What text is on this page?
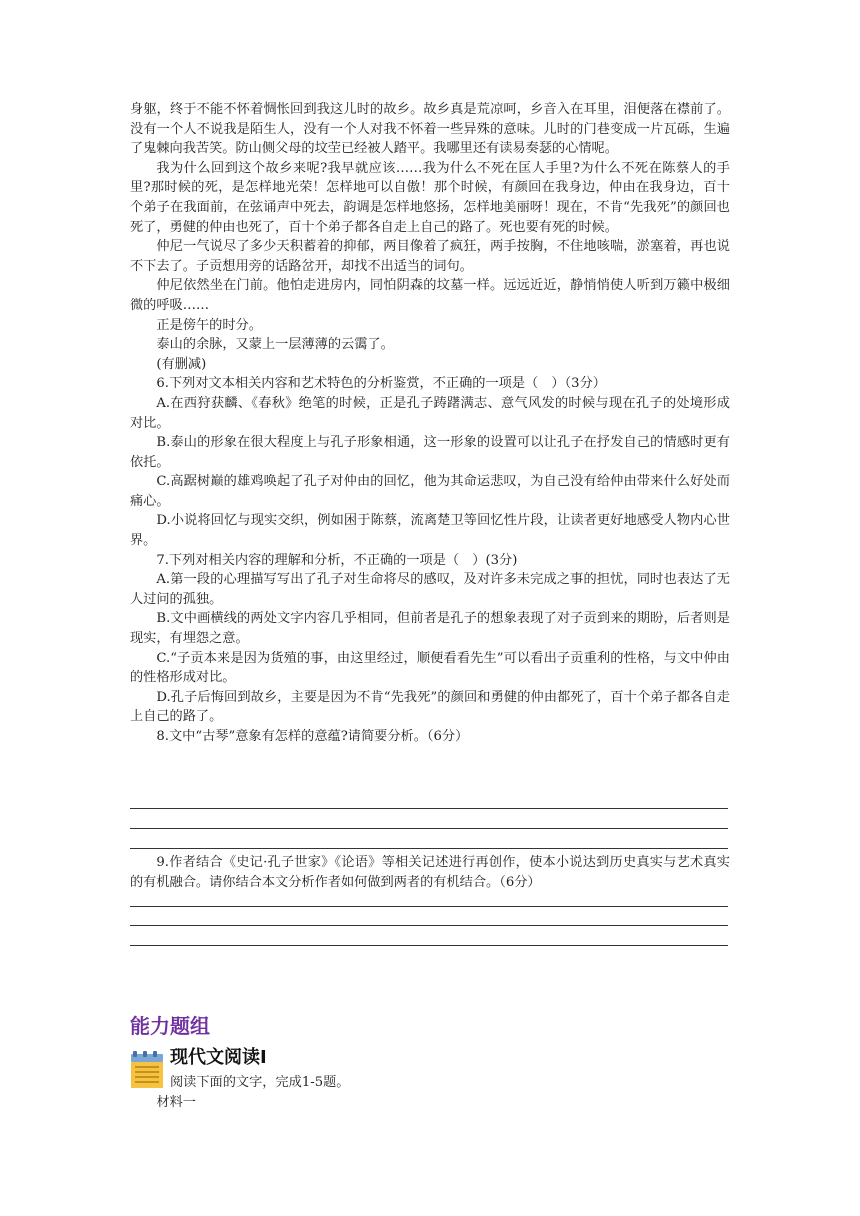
身躯，终于不能不怀着惆怅回到我这儿时的故乡。故乡真是荒凉呵，乡音入在耳里，泪便落在襟前了。没有一个人不说我是陌生人，没有一个人对我不怀着一些异殊的意味。儿时的门巷变成一片瓦砾，生遍了鬼棘向我苦笑。防山侧父母的坟茔已经被人踏平。我哪里还有读易奏瑟的心情呢。

我为什么回到这个故乡来呢?我早就应该……我为什么不死在匡人手里?为什么不死在陈蔡人的手里?那时候的死，是怎样地光荣！怎样地可以自傲！那个时候，有颜回在我身边，仲由在我身边，百十个弟子在我面前，在弦诵声中死去，韵调是怎样地悠扬，怎样地美丽呀！现在，不肯“先我死”的颜回也死了，勇健的仲由也死了，百十个弟子都各自走上自己的路了。死也要有死的时候。

仲尼一气说尽了多少天积蓄着的抑郁，两目像着了疯狂，两手按胸，不住地咳喘，淤塞着，再也说不下去了。子贡想用旁的话路岔开，却找不出适当的词句。

仲尼依然坐在门前。他怕走进房内，同怕阴森的坟墓一样。远远近近，静悄悄使人听到万籁中极细微的呼吸……

正是傍午的时分。

泰山的余脉，又蒙上一层薄薄的云霭了。

(有删减)

6.下列对文本相关内容和艺术特色的分析鉴赏，不正确的一项是（　）（3分）

A.在西狩获麟、《春秋》绝笔的时候，正是孔子踌躇满志、意气风发的时候与现在孔子的处境形成对比。

B.泰山的形象在很大程度上与孔子形象相通，这一形象的设置可以让孔子在抒发自己的情感时更有依托。

C.高踞树巅的雄鸡唤起了孔子对仲由的回忆，他为其命运悲叹，为自己没有给仲由带来什么好处而痛心。

D.小说将回忆与现实交织，例如困于陈蔡，流离楚卫等回忆性片段，让读者更好地感受人物内心世界。

7.下列对相关内容的理解和分析，不正确的一项是（　）(3分)

A.第一段的心理描写写出了孔子对生命将尽的感叹，及对许多未完成之事的担忧，同时也表达了无人过问的孤独。

B.文中画横线的两处文字内容几乎相同，但前者是孔子的想象表现了对子贡到来的期盼，后者则是现实，有埋怨之意。

C.“子贡本来是因为货殖的事，由这里经过，顺便看看先生”可以看出子贡重利的性格，与文中仲由的性格形成对比。

D.孔子后悔回到故乡，主要是因为不肯“先我死”的颜回和勇健的仲由都死了，百十个弟子都各自走上自己的路了。

8.文中“古琴”意象有怎样的意蕴?请简要分析。（6分）

9.作者结合《史记·孔子世家》《论语》等相关记述进行再创作，使本小说达到历史真实与艺术真实的有机融合。请你结合本文分析作者如何做到两者的有机结合。（6分）

能力题组
现代文阅读Ⅰ

阅读下面的文字，完成1-5题。

材料一
